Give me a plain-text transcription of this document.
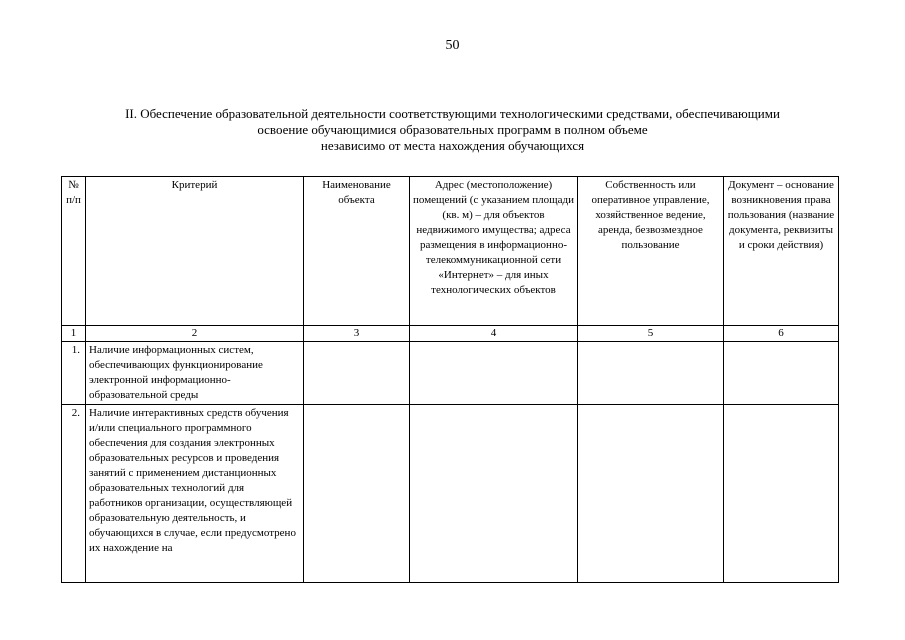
50
II. Обеспечение образовательной деятельности соответствующими технологическими средствами, обеспечивающими
освоение обучающимися образовательных программ в полном объеме
независимо от места нахождения обучающихся
№ п/п	Критерий	Наименование объекта	Адрес (местоположение) помещений (с указанием площади (кв. м) – для объектов недвижимого имущества; адреса размещения в информационно-телекоммуникационной сети «Интернет» – для иных технологических объектов	Собственность или оперативное управление, хозяйственное ведение, аренда, безвозмездное пользование	Документ – основание возникновения права пользования (название документа, реквизиты и сроки действия)
1	2	3	4	5	6
1.	Наличие информационных систем, обеспечивающих функционирование электронной информационно-образовательной среды				
2.	Наличие интерактивных средств обучения и/или специального программного обеспечения для создания электронных образовательных ресурсов и проведения занятий с применением дистанционных образовательных технологий для работников организации, осуществляющей образовательную деятельность, и обучающихся в случае, если предусмотрено их нахождение на				
